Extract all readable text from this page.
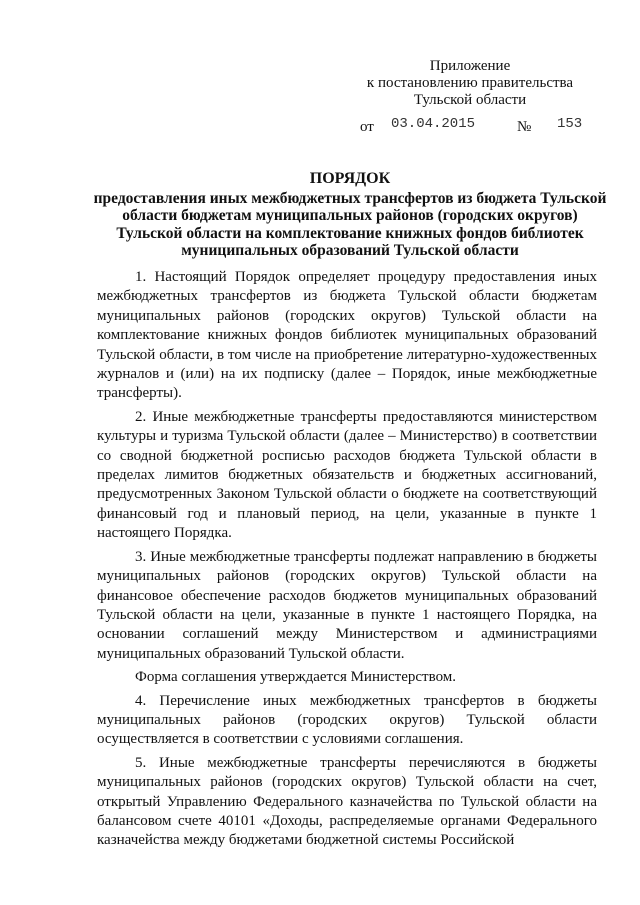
Приложение
к постановлению правительства
Тульской области
от 03.04.2015	№ 153
ПОРЯДОК
предоставления иных межбюджетных трансфертов из бюджета Тульской
области бюджетам муниципальных районов (городских округов)
Тульской области на комплектование книжных фондов библиотек
муниципальных образований Тульской области

1. Настоящий Порядок определяет процедуру предоставления иных межбюджетных трансфертов из бюджета Тульской области бюджетам муниципальных районов (городских округов) Тульской области на комплектование книжных фондов библиотек муниципальных образований Тульской области, в том числе на приобретение литературно-художественных журналов и (или) на их подписку (далее – Порядок, иные межбюджетные трансферты).

2. Иные межбюджетные трансферты предоставляются министерством культуры и туризма Тульской области (далее – Министерство) в соответствии со сводной бюджетной росписью расходов бюджета Тульской области в пределах лимитов бюджетных обязательств и бюджетных ассигнований, предусмотренных Законом Тульской области о бюджете на соответствующий финансовый год и плановый период, на цели, указанные в пункте 1 настоящего Порядка.

3. Иные межбюджетные трансферты подлежат направлению в бюджеты муниципальных районов (городских округов) Тульской области на финансовое обеспечение расходов бюджетов муниципальных образований Тульской области на цели, указанные в пункте 1 настоящего Порядка, на основании соглашений между Министерством и администрациями муниципальных образований Тульской области.

Форма соглашения утверждается Министерством.

4. Перечисление иных межбюджетных трансфертов в бюджеты муниципальных районов (городских округов) Тульской области осуществляется в соответствии с условиями соглашения.

5. Иные межбюджетные трансферты перечисляются в бюджеты муниципальных районов (городских округов) Тульской области на счет, открытый Управлению Федерального казначейства по Тульской области на балансовом счете 40101 «Доходы, распределяемые органами Федерального казначейства между бюджетами бюджетной системы Российской
